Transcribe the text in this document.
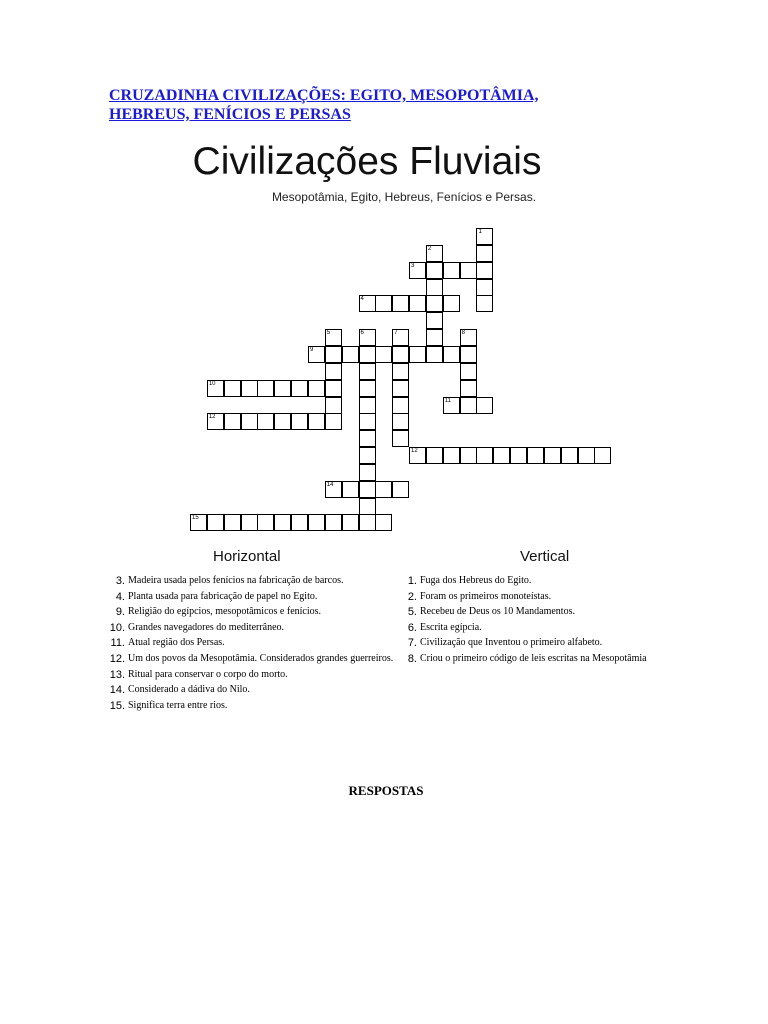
CRUZADINHA CIVILIZAÇÕES: EGITO, MESOPOTÂMIA,
HEBREUS, FENÍCIOS E PERSAS
Civilizações Fluviais
Mesopotâmia, Egito, Hebreus, Fenícios e Persas.
1
2
3
4
5	6	7	8
9
10
11
12
12
14
15
Horizontal	Vertical
3. Madeira usada pelos fenícios na fabricação de barcos.
4. Planta usada para fabricação de papel no Egito.
9. Religião do egípcios, mesopotâmicos e fenícios.
10. Grandes navegadores do mediterrâneo.
11. Atual região dos Persas.
12. Um dos povos da Mesopotâmia. Considerados grandes guerreiros.
13. Ritual para conservar o corpo do morto.
14. Considerado a dádiva do Nilo.
15. Significa terra entre rios.
1. Fuga dos Hebreus do Egito.
2. Foram os primeiros monoteístas.
5. Recebeu de Deus os 10 Mandamentos.
6. Escrita egípcia.
7. Civilização que Inventou o primeiro alfabeto.
8. Criou o primeiro código de leis escritas na Mesopotâmia
RESPOSTAS
